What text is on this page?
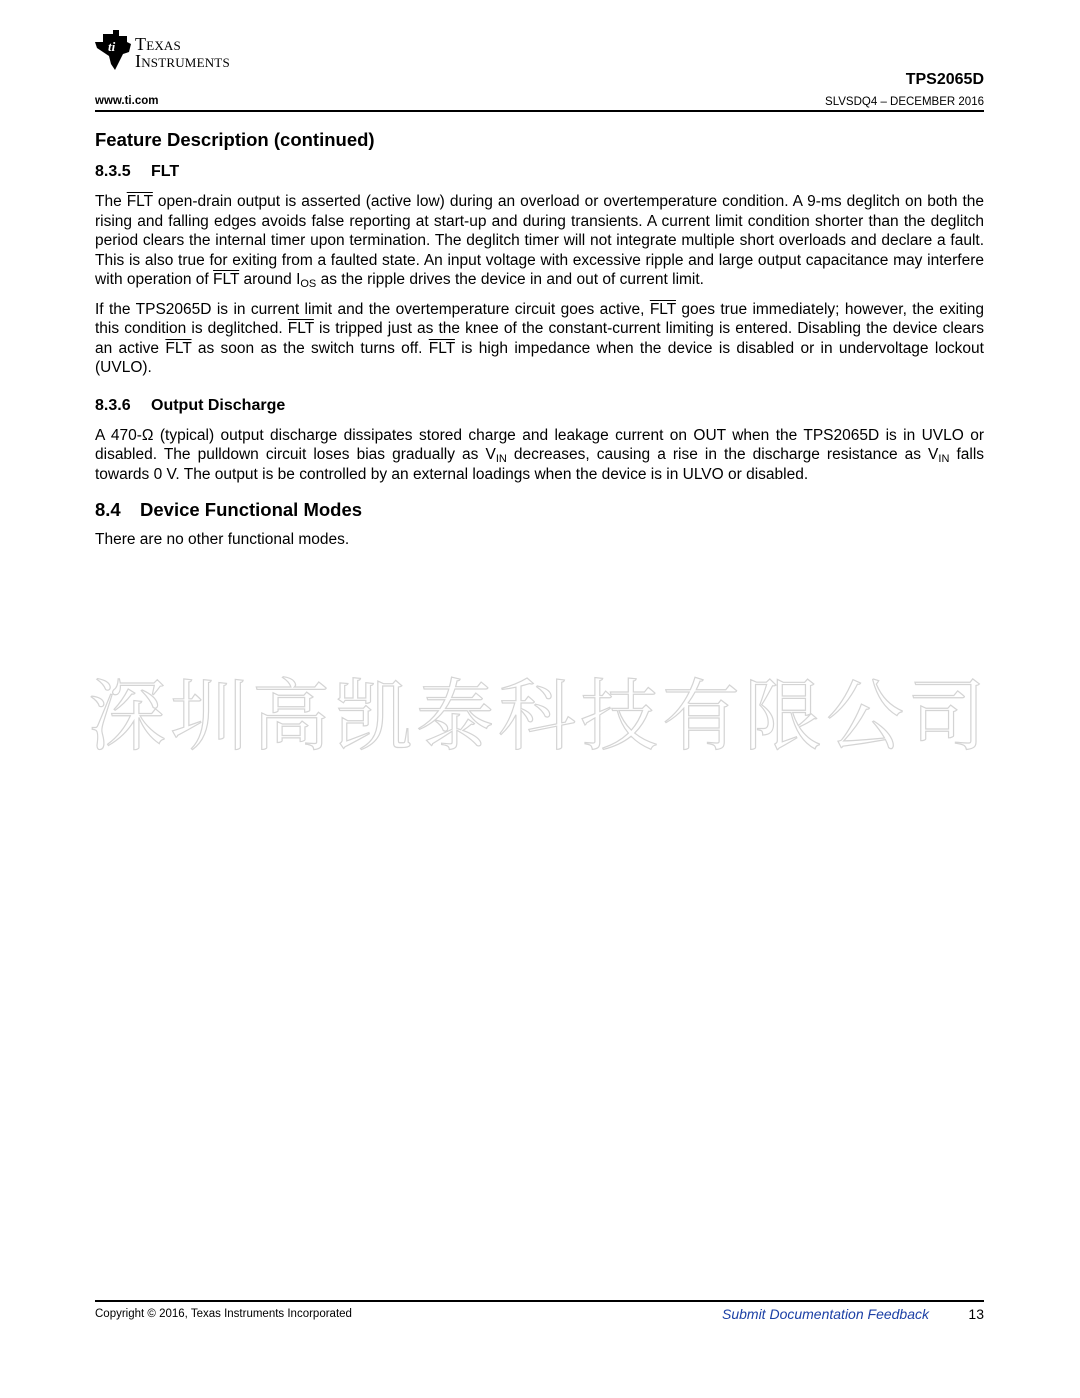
ti Texas
Instruments
TPS2065D
www.ti.com	SLVSDQ4 – DECEMBER 2016
Feature Description (continued)
8.3.5 FLT

The $\overline{FLT}$ open-drain output is asserted (active low) during an overload or overtemperature condition. A 9-ms deglitch on both the rising and falling edges avoids false reporting at start-up and during transients. A current limit condition shorter than the deglitch period clears the internal timer upon termination. The deglitch timer will not integrate multiple short overloads and declare a fault. This is also true for exiting from a faulted state. An input voltage with excessive ripple and large output capacitance may interfere with operation of $\overline{FLT}$ around $I_{OS}$ as the ripple drives the device in and out of current limit.

If the TPS2065D is in current limit and the overtemperature circuit goes active, $\overline{FLT}$ goes true immediately; however, the exiting this condition is deglitched. $\overline{FLT}$ is tripped just as the knee of the constant-current limiting is entered. Disabling the device clears an active $\overline{FLT}$ as soon as the switch turns off. $\overline{FLT}$ is high impedance when the device is disabled or in undervoltage lockout (UVLO).

8.3.6 Output Discharge

A 470-Ω (typical) output discharge dissipates stored charge and leakage current on OUT when the TPS2065D is in UVLO or disabled. The pulldown circuit loses bias gradually as $V_{IN}$ decreases, causing a rise in the discharge resistance as $V_{IN}$ falls towards 0 V. The output is be controlled by an external loadings when the device is in ULVO or disabled.

8.4 Device Functional Modes

There are no other functional modes.

深圳高凯泰科技有限公司
Copyright © 2016, Texas Instruments Incorporated	Submit Documentation Feedback	13
